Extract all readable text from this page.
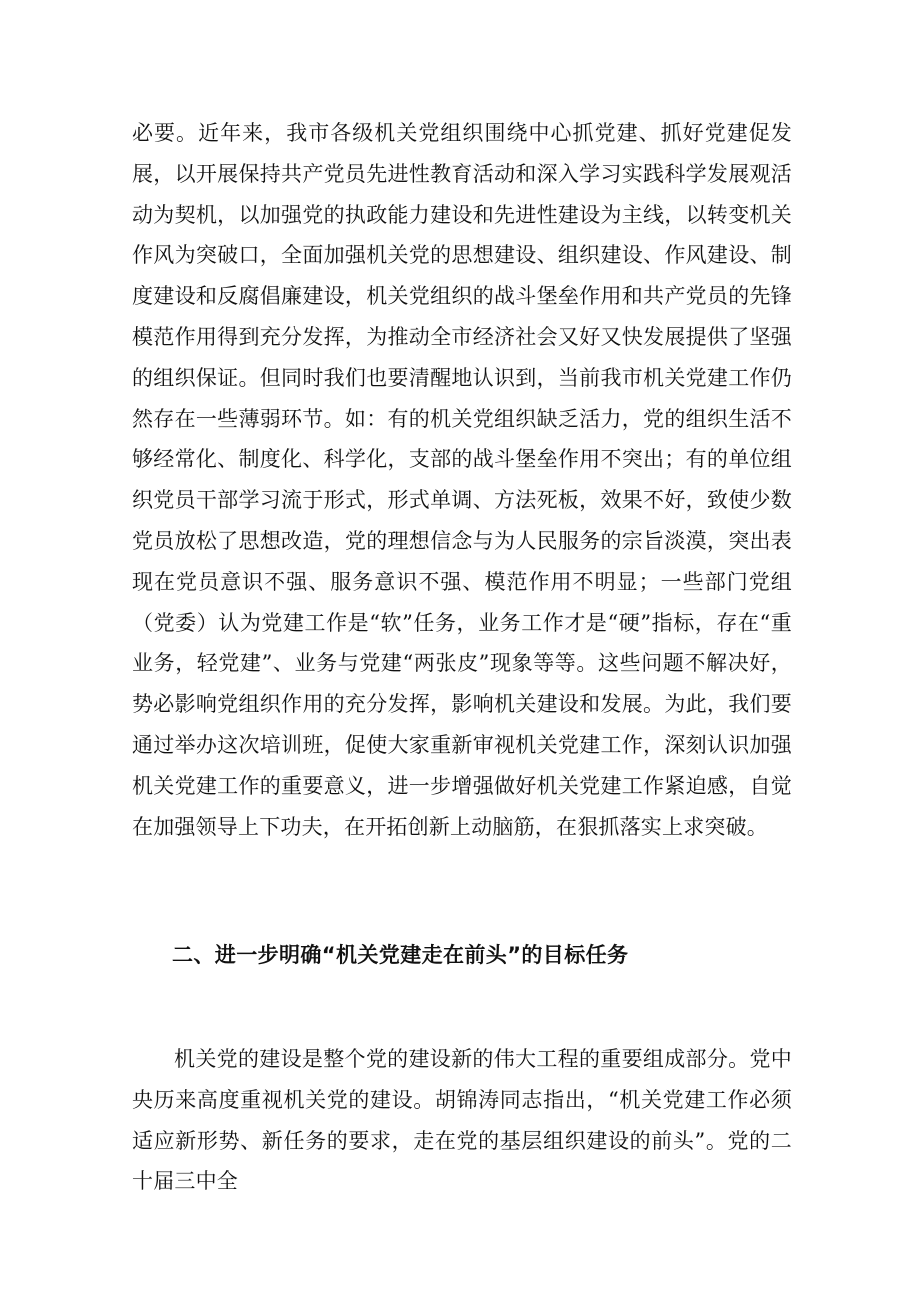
必要。近年来，我市各级机关党组织围绕中心抓党建、抓好党建促发展，以开展保持共产党员先进性教育活动和深入学习实践科学发展观活动为契机，以加强党的执政能力建设和先进性建设为主线，以转变机关作风为突破口，全面加强机关党的思想建设、组织建设、作风建设、制度建设和反腐倡廉建设，机关党组织的战斗堡垒作用和共产党员的先锋模范作用得到充分发挥，为推动全市经济社会又好又快发展提供了坚强的组织保证。但同时我们也要清醒地认识到，当前我市机关党建工作仍然存在一些薄弱环节。如：有的机关党组织缺乏活力，党的组织生活不够经常化、制度化、科学化，支部的战斗堡垒作用不突出；有的单位组织党员干部学习流于形式，形式单调、方法死板，效果不好，致使少数党员放松了思想改造，党的理想信念与为人民服务的宗旨淡漠，突出表现在党员意识不强、服务意识不强、模范作用不明显；一些部门党组（党委）认为党建工作是“软”任务，业务工作才是“硬”指标，存在“重业务，轻党建”、业务与党建“两张皮”现象等等。这些问题不解决好，势必影响党组织作用的充分发挥，影响机关建设和发展。为此，我们要通过举办这次培训班，促使大家重新审视机关党建工作，深刻认识加强机关党建工作的重要意义，进一步增强做好机关党建工作紧迫感，自觉在加强领导上下功夫，在开拓创新上动脑筋，在狠抓落实上求突破。

二、进一步明确“机关党建走在前头”的目标任务

机关党的建设是整个党的建设新的伟大工程的重要组成部分。党中央历来高度重视机关党的建设。胡锦涛同志指出，“机关党建工作必须适应新形势、新任务的要求，走在党的基层组织建设的前头”。党的二十届三中全
